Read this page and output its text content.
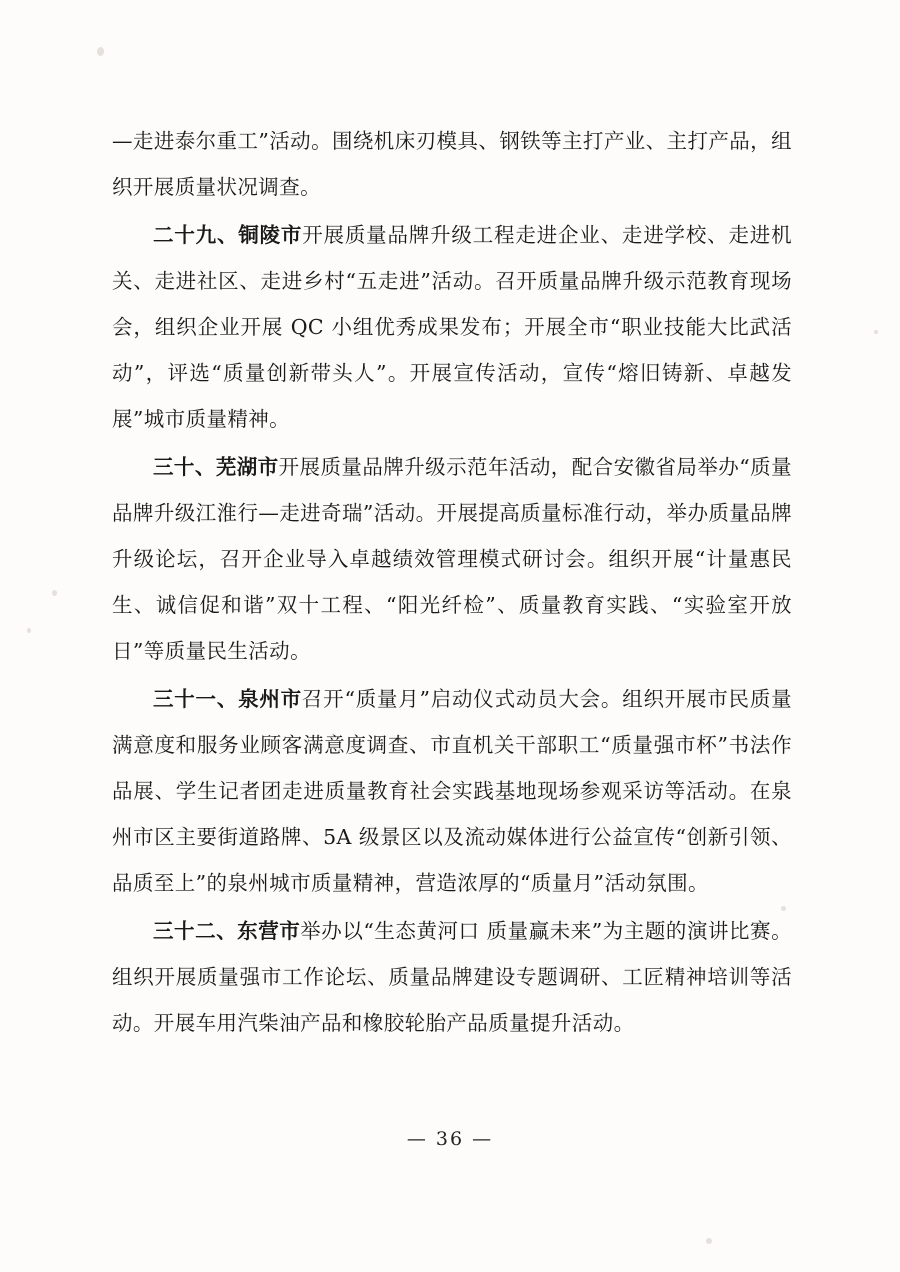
—走进泰尔重工”活动。围绕机床刃模具、钢铁等主打产业、主打产品，组织开展质量状况调查。

二十九、铜陵市开展质量品牌升级工程走进企业、走进学校、走进机关、走进社区、走进乡村“五走进”活动。召开质量品牌升级示范教育现场会，组织企业开展 QC 小组优秀成果发布；开展全市“职业技能大比武活动”，评选“质量创新带头人”。开展宣传活动，宣传“熔旧铸新、卓越发展”城市质量精神。

三十、芜湖市开展质量品牌升级示范年活动，配合安徽省局举办“质量品牌升级江淮行—走进奇瑞”活动。开展提高质量标准行动，举办质量品牌升级论坛，召开企业导入卓越绩效管理模式研讨会。组织开展“计量惠民生、诚信促和谐”双十工程、“阳光纤检”、质量教育实践、“实验室开放日”等质量民生活动。

三十一、泉州市召开“质量月”启动仪式动员大会。组织开展市民质量满意度和服务业顾客满意度调查、市直机关干部职工“质量强市杯”书法作品展、学生记者团走进质量教育社会实践基地现场参观采访等活动。在泉州市区主要街道路牌、5A 级景区以及流动媒体进行公益宣传“创新引领、品质至上”的泉州城市质量精神，营造浓厚的“质量月”活动氛围。

三十二、东营市举办以“生态黄河口 质量赢未来”为主题的演讲比赛。组织开展质量强市工作论坛、质量品牌建设专题调研、工匠精神培训等活动。开展车用汽柴油产品和橡胶轮胎产品质量提升活动。

— 36 —
